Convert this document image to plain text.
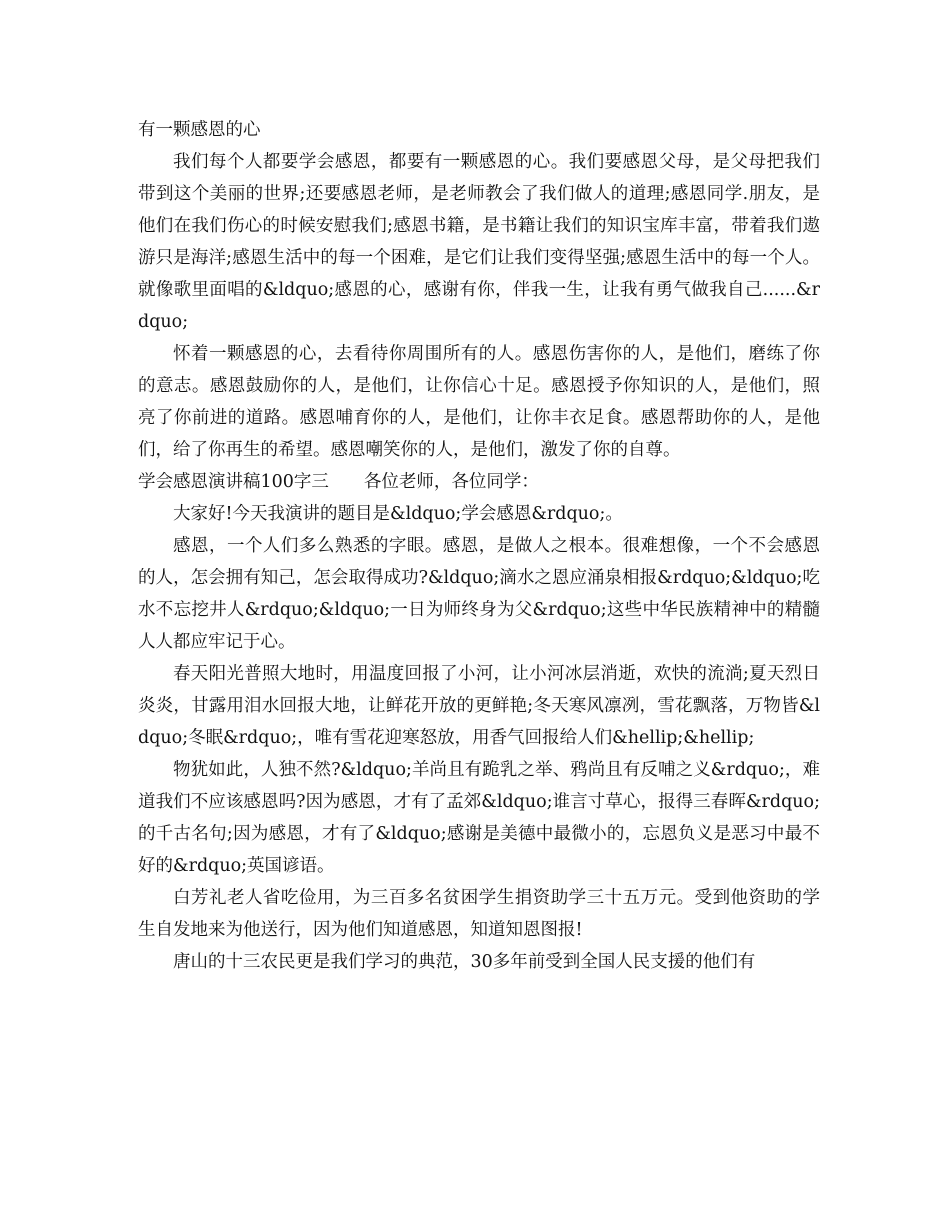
有一颗感恩的心

我们每个人都要学会感恩，都要有一颗感恩的心。我们要感恩父母，是父母把我们带到这个美丽的世界;还要感恩老师，是老师教会了我们做人的道理;感恩同学.朋友，是他们在我们伤心的时候安慰我们;感恩书籍，是书籍让我们的知识宝库丰富，带着我们遨游只是海洋;感恩生活中的每一个困难，是它们让我们变得坚强;感恩生活中的每一个人。就像歌里面唱的&ldquo;感恩的心，感谢有你，伴我一生，让我有勇气做我自己......&rdquo;

怀着一颗感恩的心，去看待你周围所有的人。感恩伤害你的人，是他们，磨练了你的意志。感恩鼓励你的人，是他们，让你信心十足。感恩授予你知识的人，是他们，照亮了你前进的道路。感恩哺育你的人，是他们，让你丰衣足食。感恩帮助你的人，是他们，给了你再生的希望。感恩嘲笑你的人，是他们，激发了你的自尊。

学会感恩演讲稿100字三　　各位老师，各位同学：

大家好!今天我演讲的题目是&ldquo;学会感恩&rdquo;。

感恩，一个人们多么熟悉的字眼。感恩，是做人之根本。很难想像，一个不会感恩的人，怎会拥有知己，怎会取得成功?&ldquo;滴水之恩应涌泉相报&rdquo;&ldquo;吃水不忘挖井人&rdquo;&ldquo;一日为师终身为父&rdquo;这些中华民族精神中的精髓人人都应牢记于心。

春天阳光普照大地时，用温度回报了小河，让小河冰层消逝，欢快的流淌;夏天烈日炎炎，甘露用泪水回报大地，让鲜花开放的更鲜艳;冬天寒风凛冽，雪花飘落，万物皆&ldquo;冬眠&rdquo;，唯有雪花迎寒怒放，用香气回报给人们&hellip;&hellip;

物犹如此，人独不然?&ldquo;羊尚且有跪乳之举、鸦尚且有反哺之义&rdquo;，难道我们不应该感恩吗?因为感恩，才有了孟郊&ldquo;谁言寸草心，报得三春晖&rdquo;的千古名句;因为感恩，才有了&ldquo;感谢是美德中最微小的，忘恩负义是恶习中最不好的&rdquo;英国谚语。

白芳礼老人省吃俭用，为三百多名贫困学生捐资助学三十五万元。受到他资助的学生自发地来为他送行，因为他们知道感恩，知道知恩图报!

唐山的十三农民更是我们学习的典范，30多年前受到全国人民支援的他们有
